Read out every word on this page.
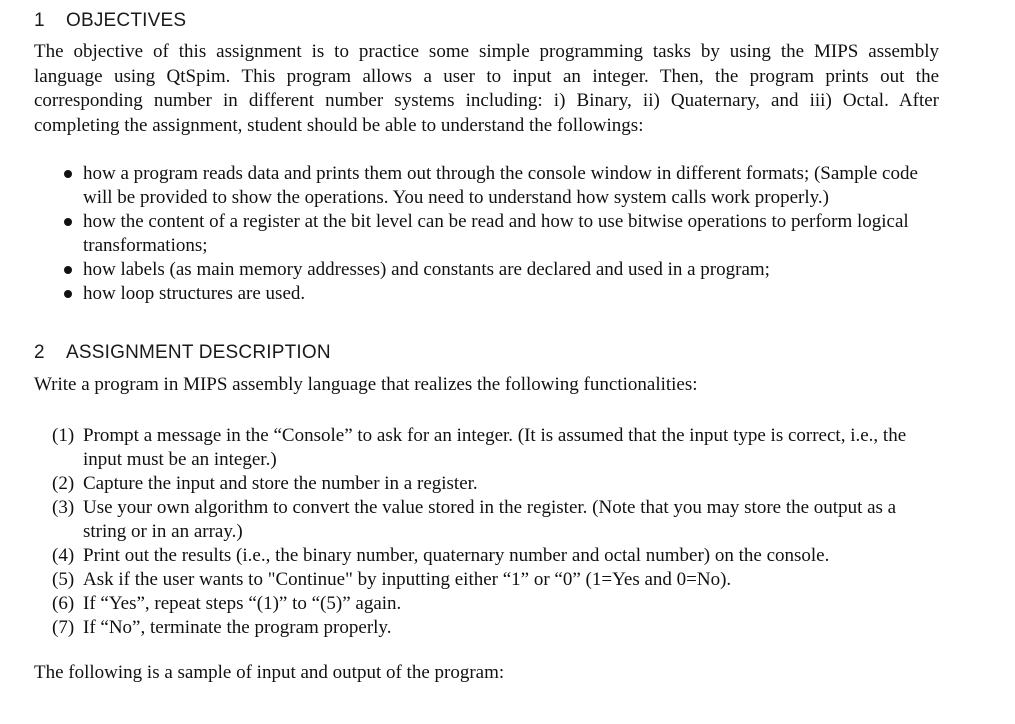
1 OBJECTIVES
The objective of this assignment is to practice some simple programming tasks by using the MIPS assembly
language using QtSpim. This program allows a user to input an integer. Then, the program prints out the
corresponding number in different number systems including: i) Binary, ii) Quaternary, and iii) Octal. After
completing the assignment, student should be able to understand the followings:
how a program reads data and prints them out through the console window in different formats; (Sample code will be provided to show the operations. You need to understand how system calls work properly.)
how the content of a register at the bit level can be read and how to use bitwise operations to perform logical transformations;
how labels (as main memory addresses) and constants are declared and used in a program;
how loop structures are used.
2 ASSIGNMENT DESCRIPTION
Write a program in MIPS assembly language that realizes the following functionalities:
(1) Prompt a message in the “Console” to ask for an integer. (It is assumed that the input type is correct, i.e., the input must be an integer.)
(2) Capture the input and store the number in a register.
(3) Use your own algorithm to convert the value stored in the register. (Note that you may store the output as a string or in an array.)
(4) Print out the results (i.e., the binary number, quaternary number and octal number) on the console.
(5) Ask if the user wants to "Continue" by inputting either “1” or “0” (1=Yes and 0=No).
(6) If “Yes”, repeat steps “(1)” to “(5)” again.
(7) If “No”, terminate the program properly.
The following is a sample of input and output of the program:
